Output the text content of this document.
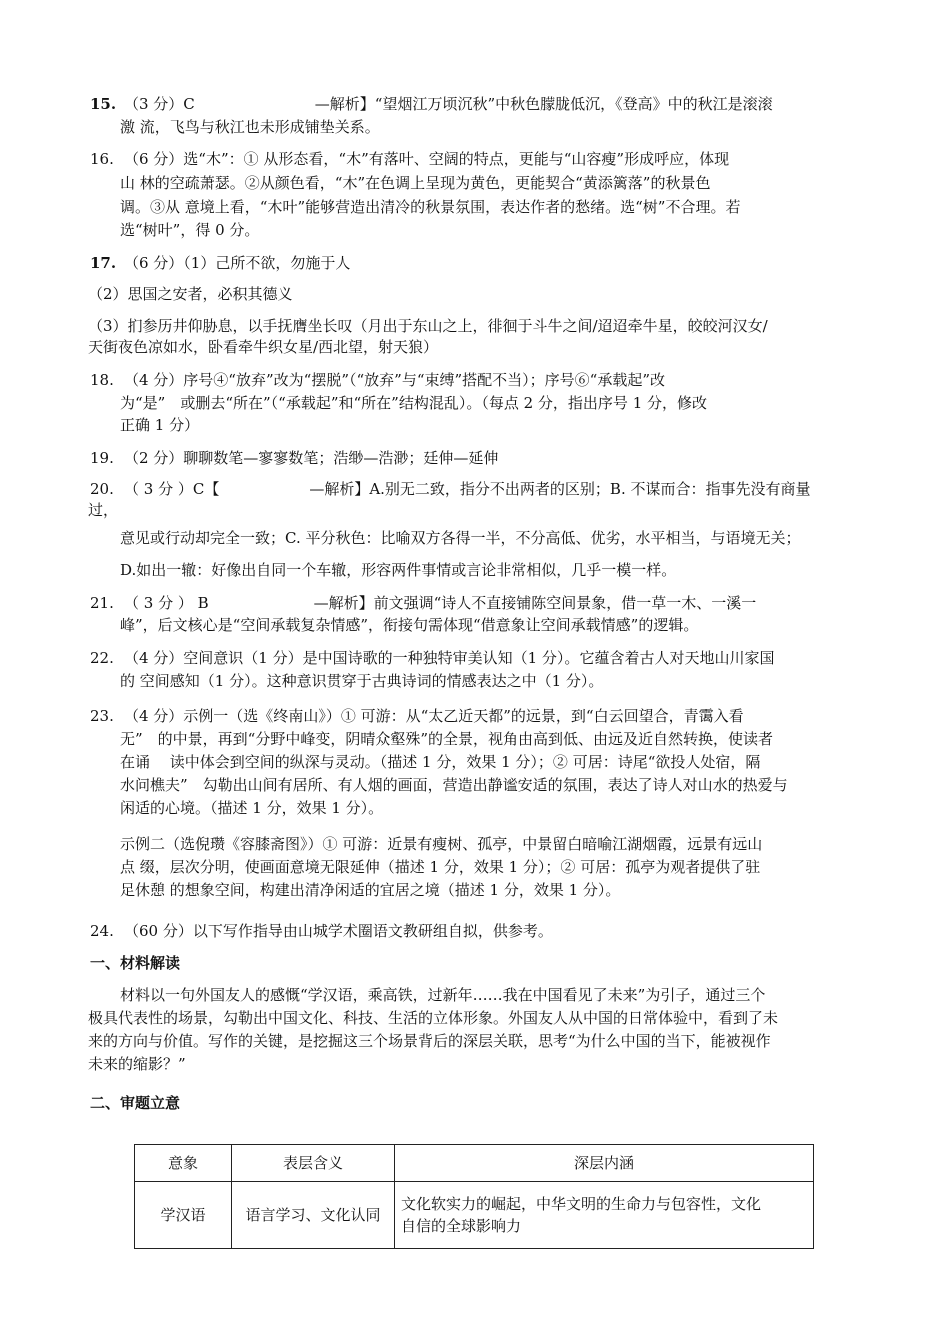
15. （3 分）C　　　　　　　　—解析】“望烟江万顷沉秋”中秋色朦胧低沉，《登高》中的秋江是滚滚
激 流，飞鸟与秋江也未形成铺垫关系。
16. （6 分）选“木”：① 从形态看，“木”有落叶、空阔的特点，更能与“山容瘦”形成呼应，体现
山 林的空疏萧瑟。②从颜色看，“木”在色调上呈现为黄色，更能契合“黄添篱落”的秋景色
调。③从 意境上看，“木叶”能够营造出清冷的秋景氛围，表达作者的愁绪。选“树”不合理。若
选“树叶”，得 0 分。
17. （6 分）（1）己所不欲，勿施于人
（2）思国之安者，必积其德义
（3）扪参历井仰胁息，以手抚膺坐长叹（月出于东山之上，徘徊于斗牛之间/迢迢牵牛星，皎皎河汉女/
天街夜色凉如水，卧看牵牛织女星/西北望，射天狼）
18. （4 分）序号④“放弃”改为“摆脱”（“放弃”与“束缚”搭配不当）；序号⑥“承载起”改
为“是”　或删去“所在”（“承载起”和“所在”结构混乱）。（每点 2 分，指出序号 1 分，修改
正确 1 分）
19. （2 分）聊聊数笔—寥寥数笔；浩缈—浩渺；廷伸—延伸
20. （ 3 分 ）C【　　　　　　—解析】A.别无二致，指分不出两者的区别；B. 不谋而合：指事先没有商量
过，
意见或行动却完全一致；C. 平分秋色：比喻双方各得一半，不分高低、优劣，水平相当，与语境无关；
D.如出一辙：好像出自同一个车辙，形容两件事情或言论非常相似，几乎一模一样。
21. （ 3 分 ） B　　　　　　　—解析】前文强调“诗人不直接铺陈空间景象，借一草一木、一溪一
峰”，后文核心是“空间承载复杂情感”，衔接句需体现“借意象让空间承载情感”的逻辑。
22. （4 分）空间意识（1 分）是中国诗歌的一种独特审美认知（1 分）。它蕴含着古人对天地山川家国
的 空间感知（1 分）。这种意识贯穿于古典诗词的情感表达之中（1 分）。
23. （4 分）示例一（选《终南山》）① 可游：从“太乙近天都”的远景，到“白云回望合，青霭入看
无”　的中景，再到“分野中峰变，阴晴众壑殊”的全景，视角由高到低、由远及近自然转换，使读者
在诵　 读中体会到空间的纵深与灵动。（描述 1 分，效果 1 分）；② 可居：诗尾“欲投人处宿，隔
水问樵夫”　勾勒出山间有居所、有人烟的画面，营造出静谧安适的氛围，表达了诗人对山水的热爱与
闲适的心境。（描述 1 分，效果 1 分）。
示例二（选倪瓒《容膝斋图》）① 可游：近景有瘦树、孤亭，中景留白暗喻江湖烟霞，远景有远山
点 缀，层次分明，使画面意境无限延伸（描述 1 分，效果 1 分）；② 可居：孤亭为观者提供了驻
足休憩 的想象空间，构建出清净闲适的宜居之境（描述 1 分，效果 1 分）。
24. （60 分）以下写作指导由山城学术圈语文教研组自拟，供参考。
一、材料解读
材料以一句外国友人的感慨“学汉语，乘高铁，过新年……我在中国看见了未来”为引子，通过三个
极具代表性的场景，勾勒出中国文化、科技、生活的立体形象。外国友人从中国的日常体验中，看到了未
来的方向与价值。写作的关键，是挖掘这三个场景背后的深层关联，思考“为什么中国的当下，能被视作
未来的缩影？”
二、审题立意
意象	表层含义	深层内涵
学汉语	语言学习、文化认同	文化软实力的崛起，中华文明的生命力与包容性，文化
自信的全球影响力
